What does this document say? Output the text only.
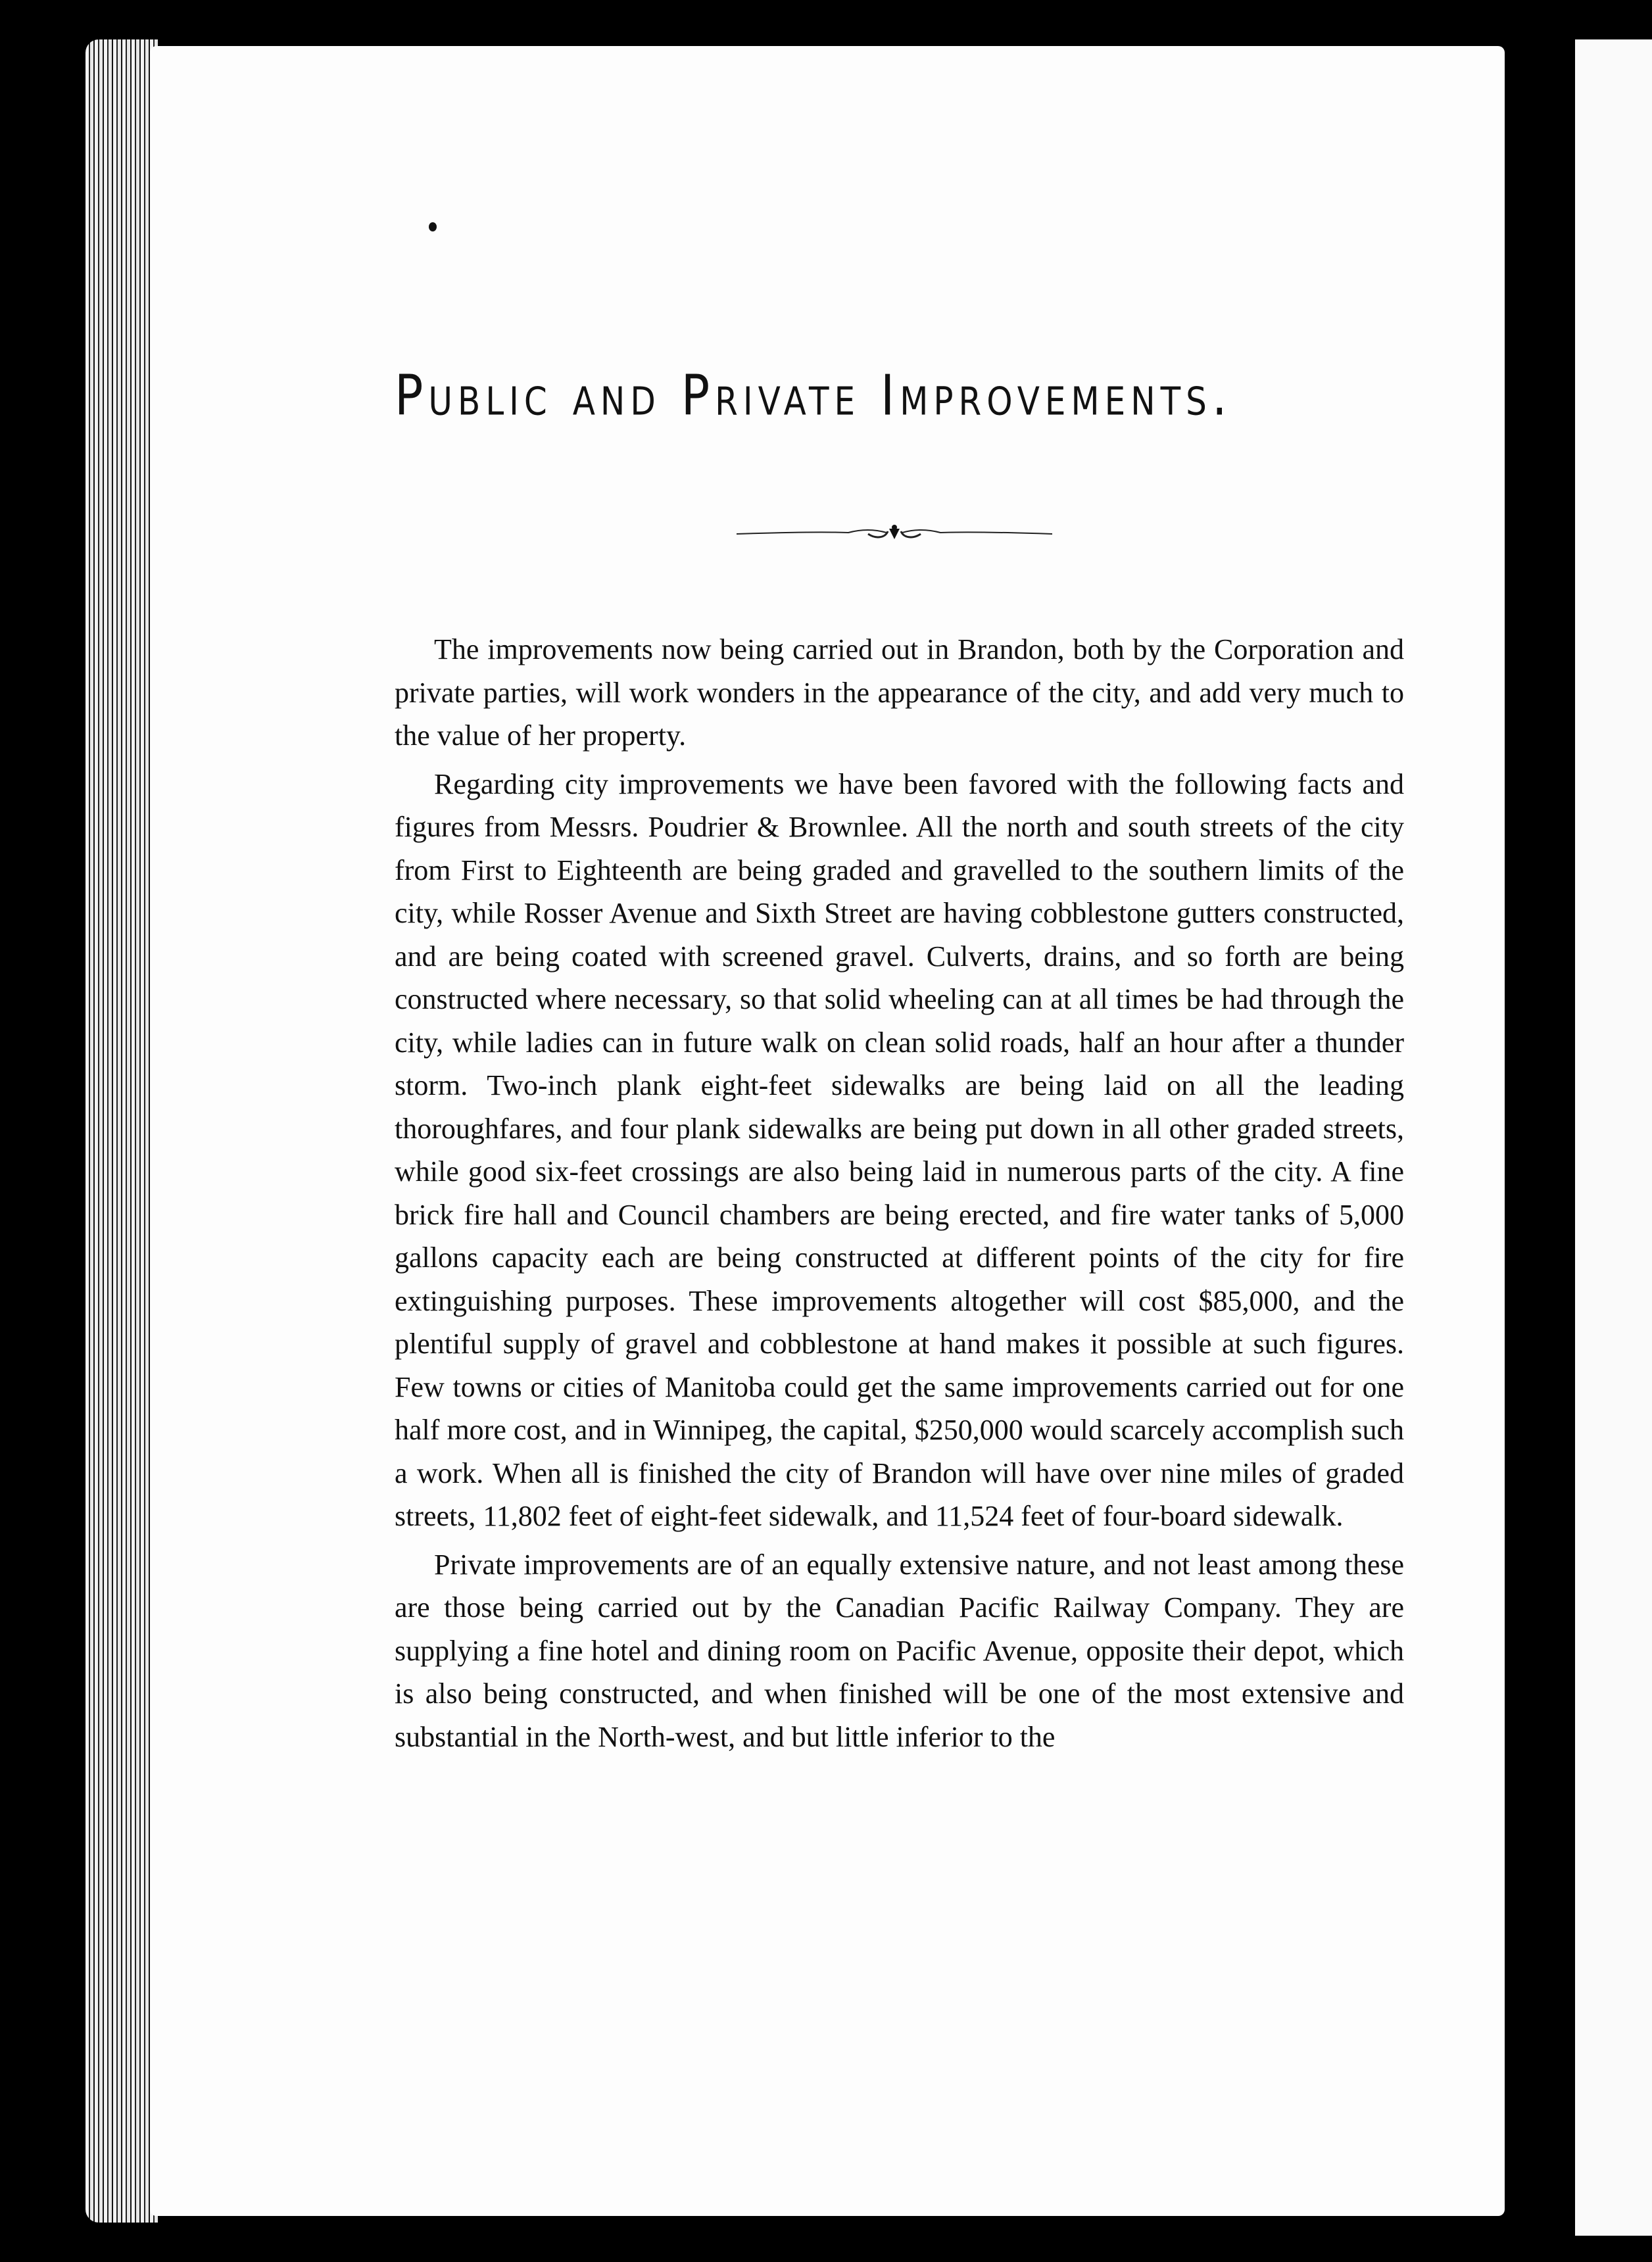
Public and Private Improvements.

The improvements now being carried out in Brandon, both by the Corporation and private parties, will work wonders in the appearance of the city, and add very much to the value of her property.

Regarding city improvements we have been favored with the following facts and figures from Messrs. Poudrier & Brownlee. All the north and south streets of the city from First to Eighteenth are being graded and gravelled to the southern limits of the city, while Rosser Avenue and Sixth Street are having cobblestone gutters constructed, and are being coated with screened gravel. Culverts, drains, and so forth are being constructed where necessary, so that solid wheeling can at all times be had through the city, while ladies can in future walk on clean solid roads, half an hour after a thunder storm. Two-inch plank eight-feet sidewalks are being laid on all the leading thoroughfares, and four plank sidewalks are being put down in all other graded streets, while good six-feet crossings are also being laid in numerous parts of the city. A fine brick fire hall and Council chambers are being erected, and fire water tanks of 5,000 gallons capacity each are being constructed at different points of the city for fire extinguishing purposes. These improvements altogether will cost $85,000, and the plentiful supply of gravel and cobblestone at hand makes it possible at such figures. Few towns or cities of Manitoba could get the same improvements carried out for one half more cost, and in Winnipeg, the capital, $250,000 would scarcely accomplish such a work. When all is finished the city of Brandon will have over nine miles of graded streets, 11,802 feet of eight-feet sidewalk, and 11,524 feet of four-board sidewalk.

Private improvements are of an equally extensive nature, and not least among these are those being carried out by the Canadian Pacific Railway Company. They are supplying a fine hotel and dining room on Pacific Avenue, opposite their depot, which is also being constructed, and when finished will be one of the most extensive and substantial in the North-west, and but little inferior to the
